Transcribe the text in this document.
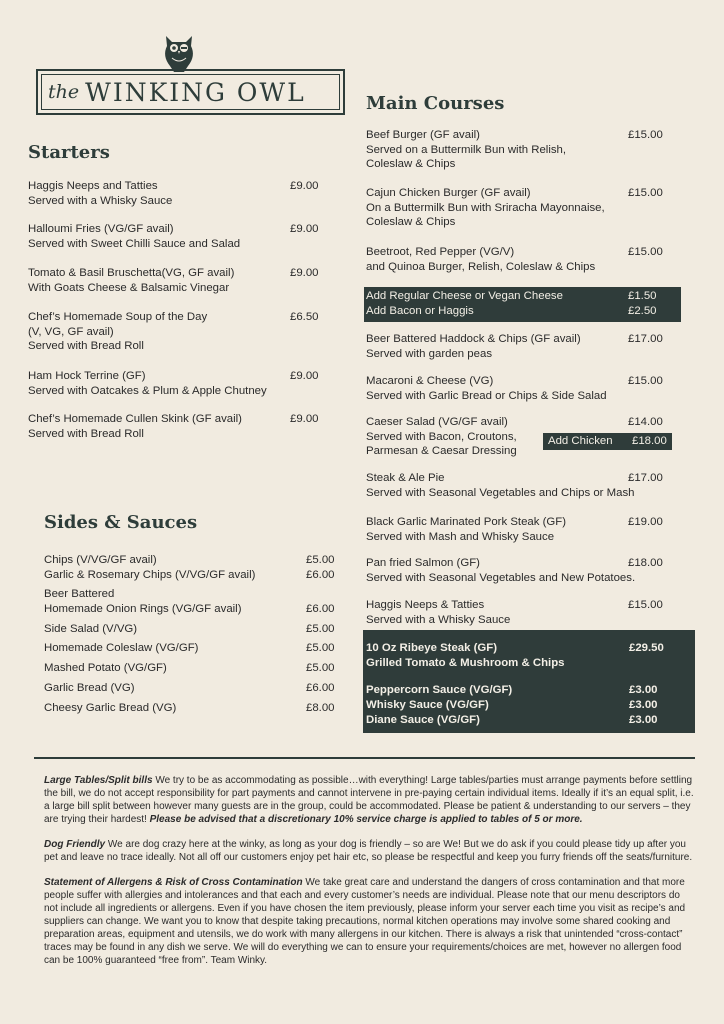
the WINKING OWL
Starters
Haggis Neeps and Tatties
Served with a Whisky Sauce
£9.00
Halloumi Fries (VG/GF avail)
Served with Sweet Chilli Sauce and Salad
£9.00
Tomato & Basil Bruschetta(VG, GF avail)
With Goats Cheese & Balsamic Vinegar
£9.00
Chef’s Homemade Soup of the Day
(V, VG, GF avail)
Served with Bread Roll
£6.50
Ham Hock Terrine (GF)
Served with Oatcakes & Plum & Apple Chutney
£9.00
Chef’s Homemade Cullen Skink (GF avail)
Served with Bread Roll
£9.00
Sides & Sauces
Chips (V/VG/GF avail)	£5.00
Garlic & Rosemary Chips (V/VG/GF avail)	£6.00
Beer Battered
Homemade Onion Rings (VG/GF avail)	£6.00
Side Salad (V/VG)	£5.00
Homemade Coleslaw (VG/GF)	£5.00
Mashed Potato (VG/GF)	£5.00
Garlic Bread (VG)	£6.00
Cheesy Garlic Bread (VG)	£8.00
Main Courses
Beef Burger (GF avail)
Served on a Buttermilk Bun with Relish,
Coleslaw & Chips
£15.00
Cajun Chicken Burger (GF avail)
On a Buttermilk Bun with Sriracha Mayonnaise,
Coleslaw & Chips
£15.00
Beetroot, Red Pepper (VG/V)
and Quinoa Burger, Relish, Coleslaw & Chips
£15.00
Add Regular Cheese or Vegan Cheese	£1.50
Add Bacon or Haggis	£2.50
Beer Battered Haddock & Chips (GF avail)
Served with garden peas
£17.00
Macaroni & Cheese (VG)
Served with Garlic Bread or Chips & Side Salad
£15.00
Caeser Salad (VG/GF avail)
Served with Bacon, Croutons,
Parmesan & Caesar Dressing
£14.00
Add Chicken £18.00
Steak & Ale Pie
Served with Seasonal Vegetables and Chips or Mash
£17.00
Black Garlic Marinated Pork Steak (GF)
Served with Mash and Whisky Sauce
£19.00
Pan fried Salmon (GF)
Served with Seasonal Vegetables and New Potatoes.
£18.00
Haggis Neeps & Tatties
Served with a Whisky Sauce
£15.00
10 Oz Ribeye Steak (GF)	£29.50
Grilled Tomato & Mushroom & Chips
Peppercorn Sauce (VG/GF)	£3.00
Whisky Sauce (VG/GF)	£3.00
Diane Sauce (VG/GF)	£3.00

Large Tables/Split bills We try to be as accommodating as possible…with everything! Large tables/parties must arrange payments before settling the bill, we do not accept responsibility for part payments and cannot intervene in pre-paying certain individual items. Ideally if it’s an equal split, i.e. a large bill split between however many guests are in the group, could be accommodated. Please be patient & understanding to our servers – they are trying their hardest! Please be advised that a discretionary 10% service charge is applied to tables of 5 or more.

Dog Friendly We are dog crazy here at the winky, as long as your dog is friendly – so are We! But we do ask if you could please tidy up after you pet and leave no trace ideally. Not all off our customers enjoy pet hair etc, so please be respectful and keep you furry friends off the seats/furniture.

Statement of Allergens & Risk of Cross Contamination We take great care and understand the dangers of cross contamination and that more people suffer with allergies and intolerances and that each and every customer’s needs are individual. Please note that our menu descriptors do not include all ingredients or allergens. Even if you have chosen the item previously, please inform your server each time you visit as recipe’s and suppliers can change. We want you to know that despite taking precautions, normal kitchen operations may involve some shared cooking and preparation areas, equipment and utensils, we do work with many allergens in our kitchen. There is always a risk that unintended “cross-contact” traces may be found in any dish we serve. We will do everything we can to ensure your requirements/choices are met, however no allergen food can be 100% guaranteed “free from”. Team Winky.
